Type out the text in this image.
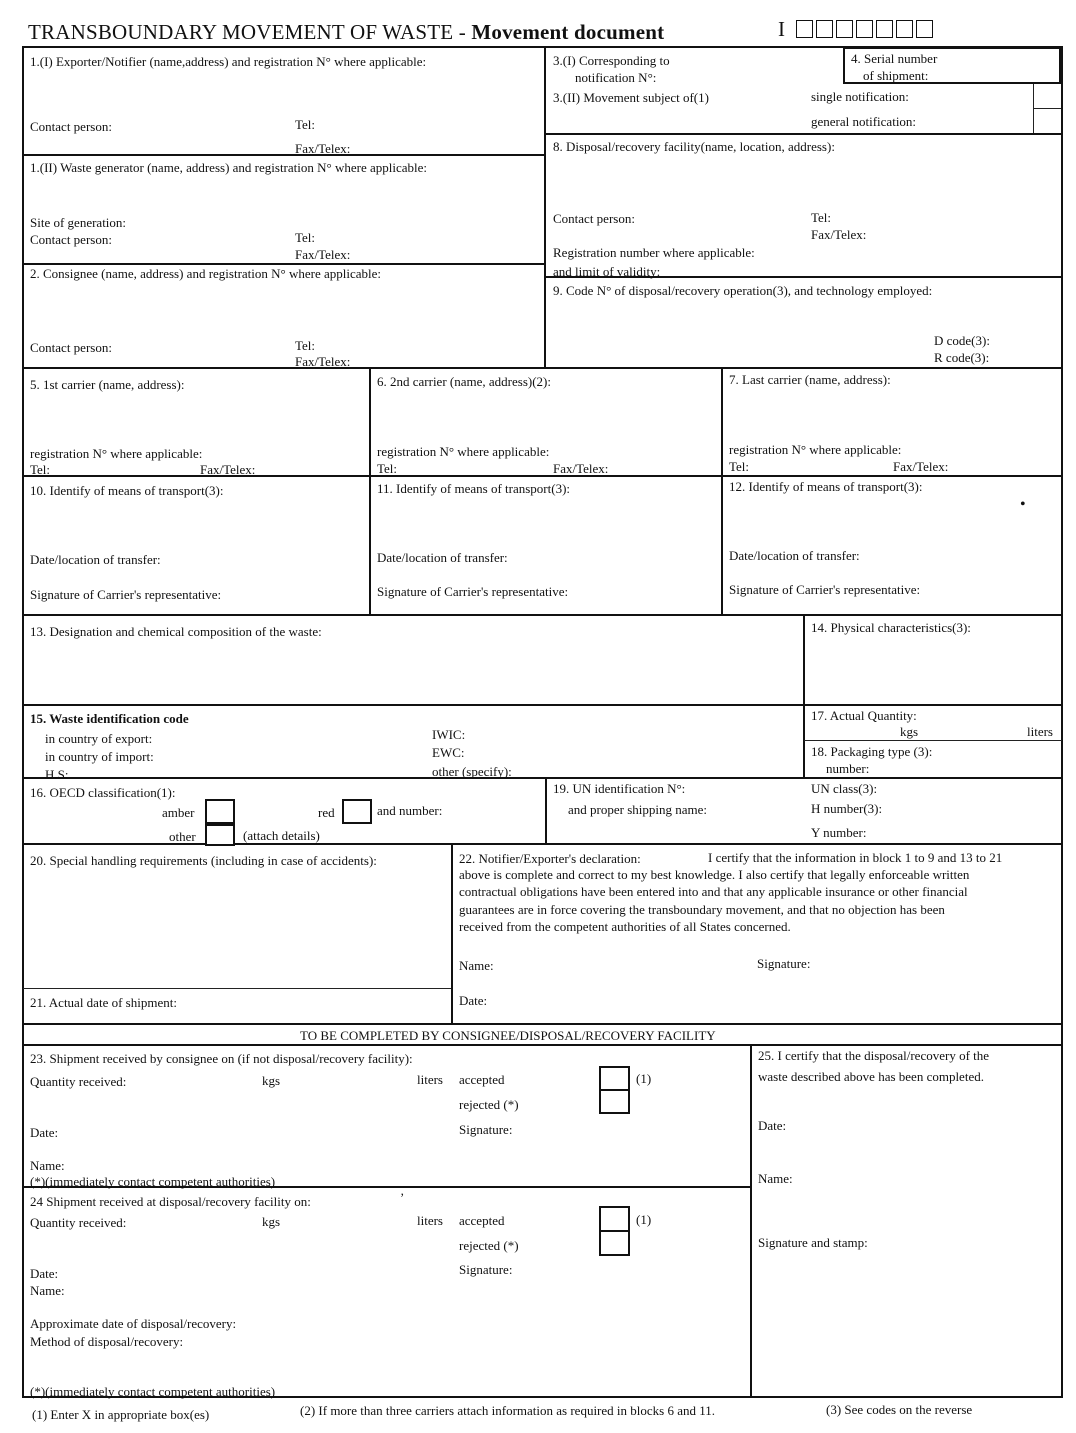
TRANSBOUNDARY MOVEMENT OF WASTE - Movement document	I
1.(I) Exporter/Notifier (name,address) and registration N° where applicable:
Contact person:	Tel:
Fax/Telex:
3.(I) Corresponding to
notification N°:
3.(II) Movement subject of(1)	single notification:
general notification:
4. Serial number
of shipment:
1.(II) Waste generator (name, address) and registration N° where applicable:
Site of generation:
Contact person:	Tel:
Fax/Telex:
8. Disposal/recovery facility(name, location, address):
Contact person:	Tel:
Fax/Telex:
Registration number where applicable:
and limit of validity:
2. Consignee (name, address) and registration N° where applicable:
Contact person:	Tel:
Fax/Telex:
9. Code N° of disposal/recovery operation(3), and technology employed:
D code(3):
R code(3):
5. 1st carrier (name, address):
registration N° where applicable:
Tel:	Fax/Telex:
6. 2nd carrier (name, address)(2):
registration N° where applicable:
Tel:	Fax/Telex:
7. Last carrier (name, address):
registration N° where applicable:
Tel:	Fax/Telex:
10. Identify of means of transport(3):
Date/location of transfer:
Signature of Carrier's representative:
11. Identify of means of transport(3):
Date/location of transfer:
Signature of Carrier's representative:
12. Identify of means of transport(3):
•
Date/location of transfer:
Signature of Carrier's representative:
13. Designation and chemical composition of the waste:	14. Physical characteristics(3):
15. Waste identification code
in country of export:
in country of import:
H.S:
IWIC:
EWC:
other (specify):
17. Actual Quantity:
kgs	liters
18. Packaging type (3):
number:
16. OECD classification(1):
amber	red	and number:
other	(attach details)
19. UN identification N°:
and proper shipping name:
UN class(3):
H number(3):
Y number:
20. Special handling requirements (including in case of accidents):
21. Actual date of shipment:
22. Notifier/Exporter's declaration:	I certify that the information in block 1 to 9 and 13 to 21
above is complete and correct to my best knowledge. I also certify that legally enforceable written
contractual obligations have been entered into and that any applicable insurance or other financial
guarantees are in force covering the transboundary movement, and that no objection has been
received from the competent authorities of all States concerned.
Name:	Signature:
Date:
TO BE COMPLETED BY CONSIGNEE/DISPOSAL/RECOVERY FACILITY
23. Shipment received by consignee on (if not disposal/recovery facility):
Quantity received:	kgs	liters accepted
rejected (*)
(1)
Date:	Signature:
Name:
(*)(immediately contact competent authorities)
24 Shipment received at disposal/recovery facility on:	ʼ
Quantity received:	kgs	liters accepted
rejected (*)
(1)
Date:	Signature:
Name:
Approximate date of disposal/recovery:
Method of disposal/recovery:
(*)(immediately contact competent authorities)
25. I certify that the disposal/recovery of the
waste described above has been completed.
Date:
Name:
Signature and stamp:
(1) Enter X in appropriate box(es)	(2) If more than three carriers attach information as required in blocks 6 and 11.	(3) See codes on the reverse
